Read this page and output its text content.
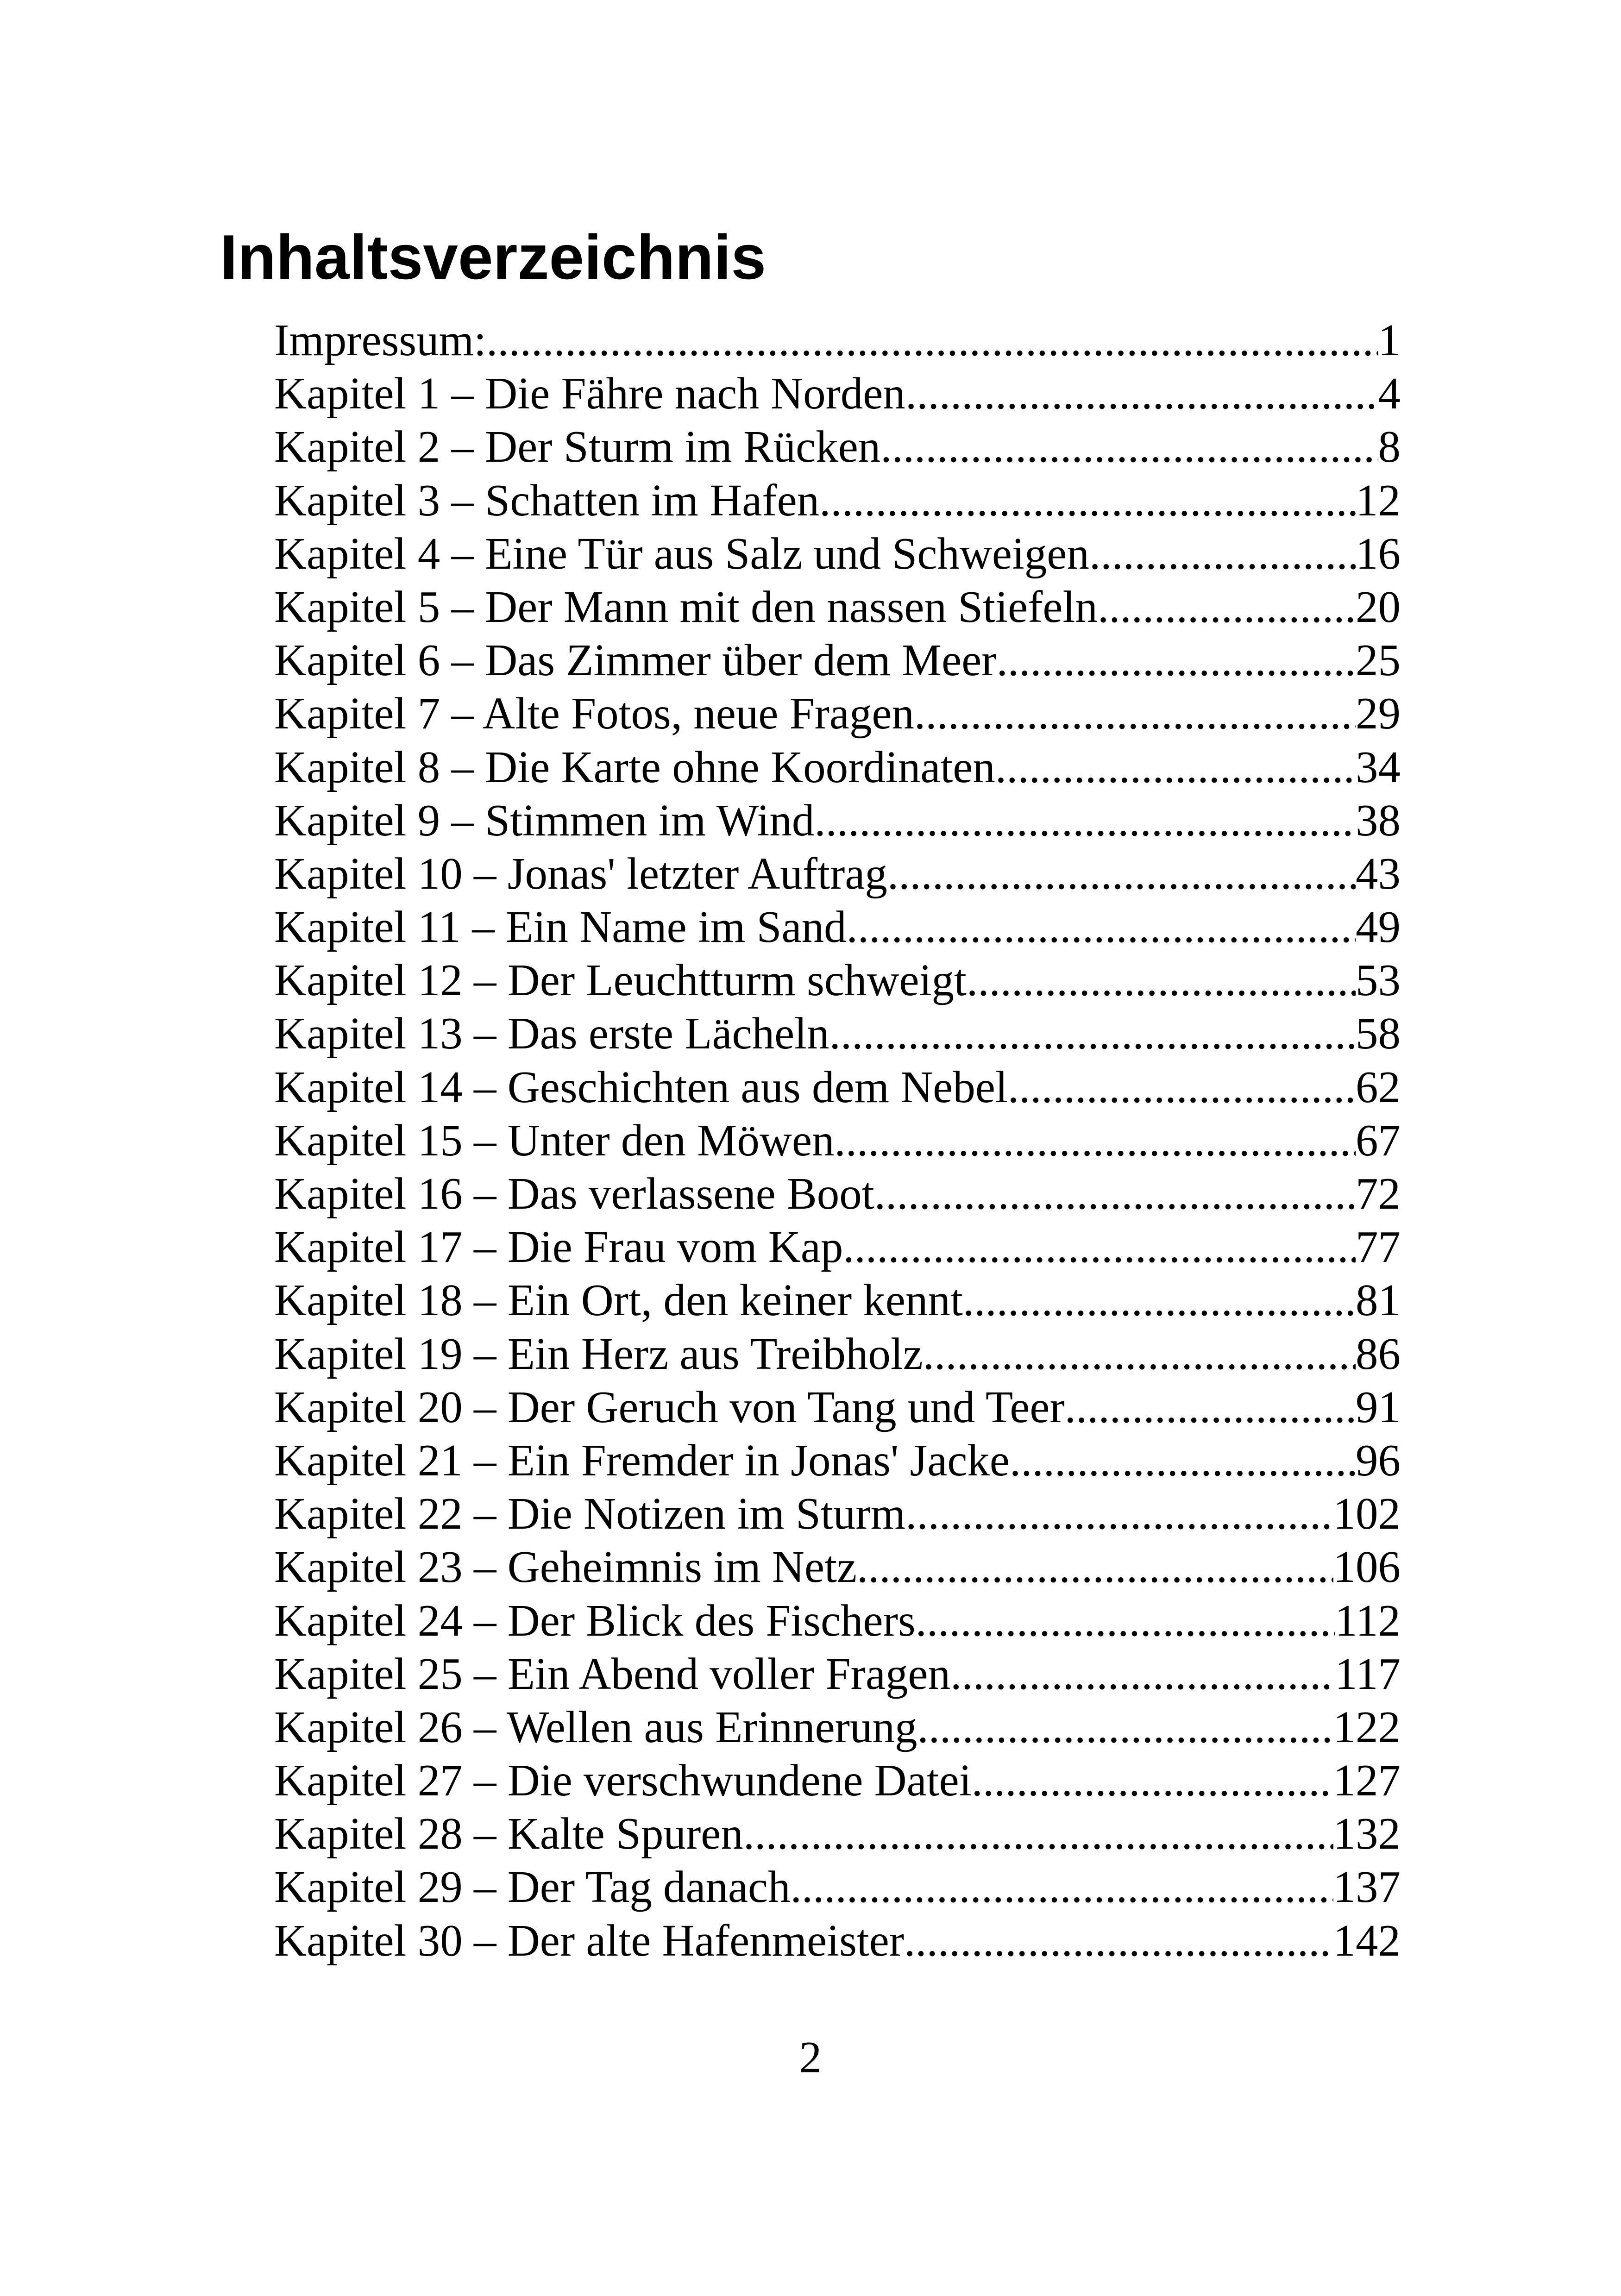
Inhaltsverzeichnis
Impressum: .....	1
Kapitel 1 – Die Fähre nach Norden .....	4
Kapitel 2 – Der Sturm im Rücken .....	8
Kapitel 3 – Schatten im Hafen .....	12
Kapitel 4 – Eine Tür aus Salz und Schweigen .....	16
Kapitel 5 – Der Mann mit den nassen Stiefeln .....	20
Kapitel 6 – Das Zimmer über dem Meer .....	25
Kapitel 7 – Alte Fotos, neue Fragen .....	29
Kapitel 8 – Die Karte ohne Koordinaten .....	34
Kapitel 9 – Stimmen im Wind .....	38
Kapitel 10 – Jonas' letzter Auftrag .....	43
Kapitel 11 – Ein Name im Sand .....	49
Kapitel 12 – Der Leuchtturm schweigt .....	53
Kapitel 13 – Das erste Lächeln .....	58
Kapitel 14 – Geschichten aus dem Nebel .....	62
Kapitel 15 – Unter den Möwen .....	67
Kapitel 16 – Das verlassene Boot .....	72
Kapitel 17 – Die Frau vom Kap .....	77
Kapitel 18 – Ein Ort, den keiner kennt .....	81
Kapitel 19 – Ein Herz aus Treibholz .....	86
Kapitel 20 – Der Geruch von Tang und Teer .....	91
Kapitel 21 – Ein Fremder in Jonas' Jacke .....	96
Kapitel 22 – Die Notizen im Sturm .....	102
Kapitel 23 – Geheimnis im Netz .....	106
Kapitel 24 – Der Blick des Fischers .....	112
Kapitel 25 – Ein Abend voller Fragen .....	117
Kapitel 26 – Wellen aus Erinnerung .....	122
Kapitel 27 – Die verschwundene Datei .....	127
Kapitel 28 – Kalte Spuren .....	132
Kapitel 29 – Der Tag danach .....	137
Kapitel 30 – Der alte Hafenmeister .....	142
2
